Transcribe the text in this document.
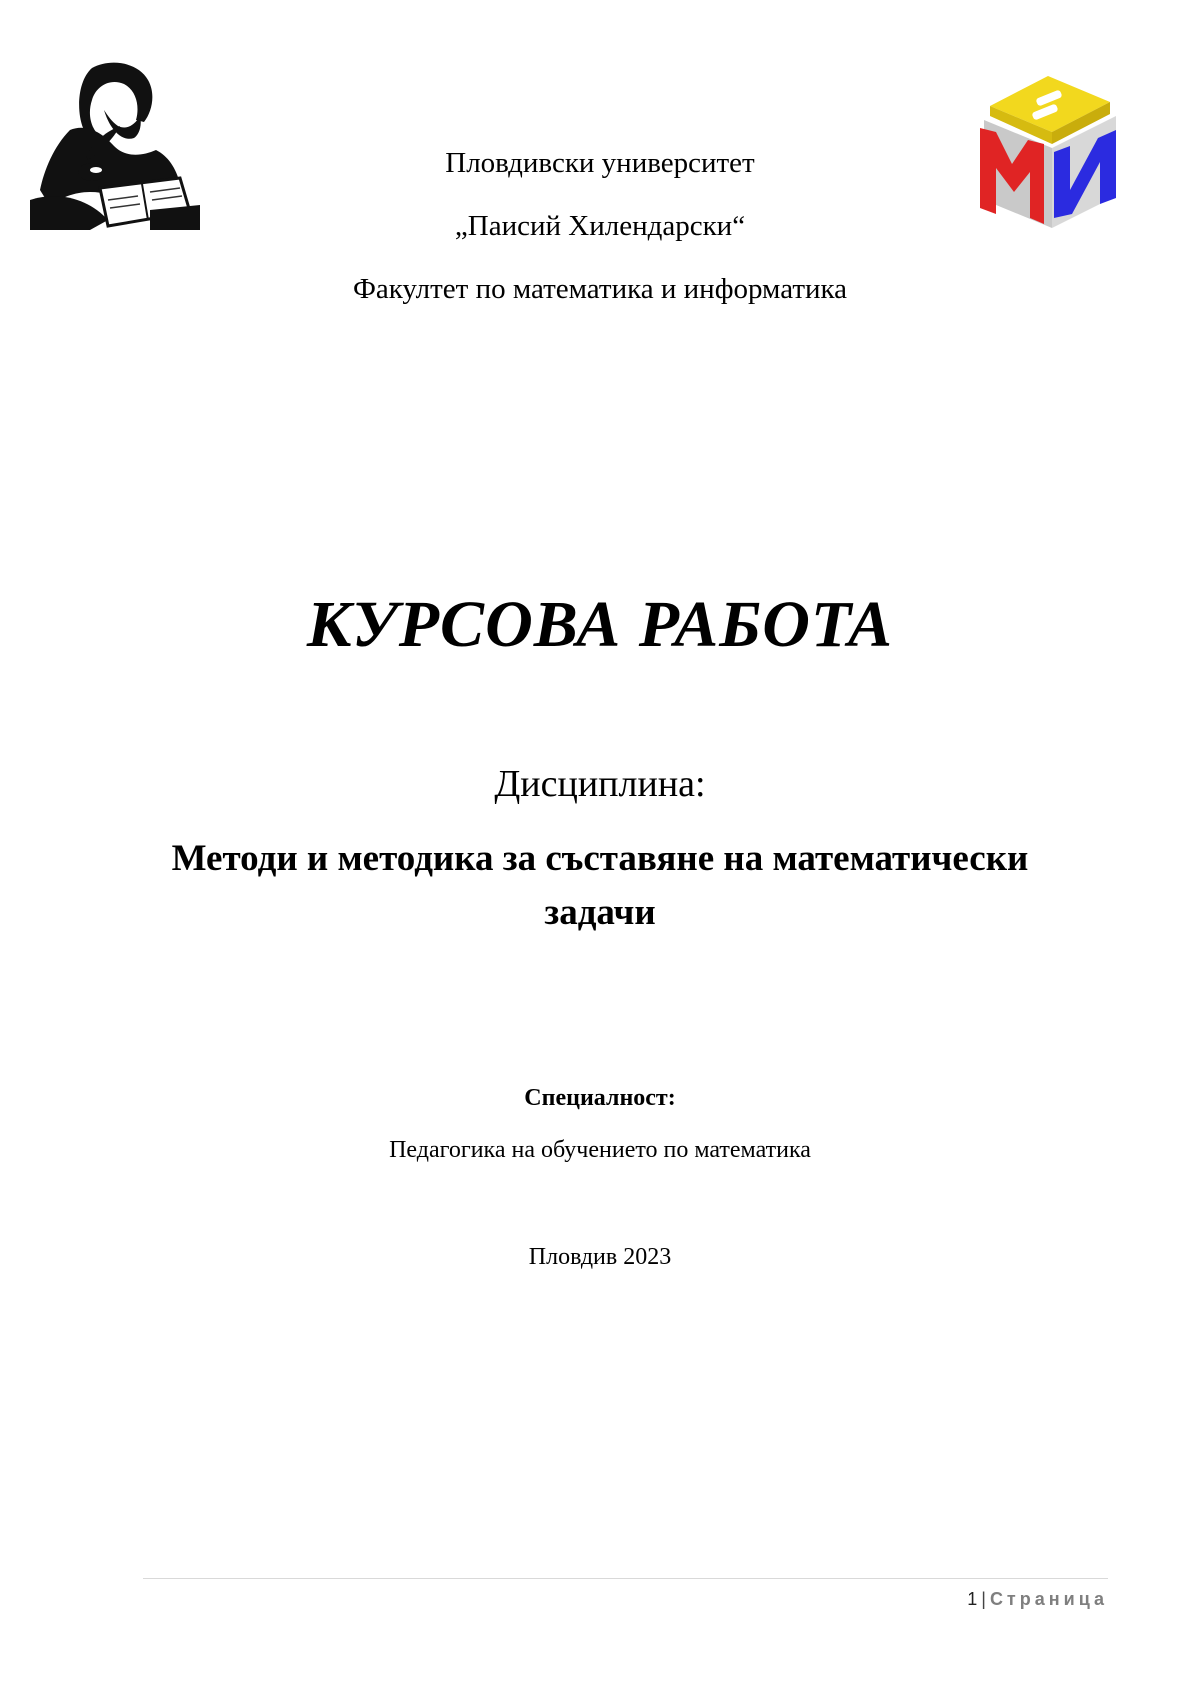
Пловдивски университет
„Паисий Хилендарски“
Факултет по математика и информатика
КУРСОВА РАБОТА
Дисциплина:
Методи и методика за съставяне на математически задачи
Специалност:
Педагогика на обучението по математика
Пловдив 2023
1 | Страница
